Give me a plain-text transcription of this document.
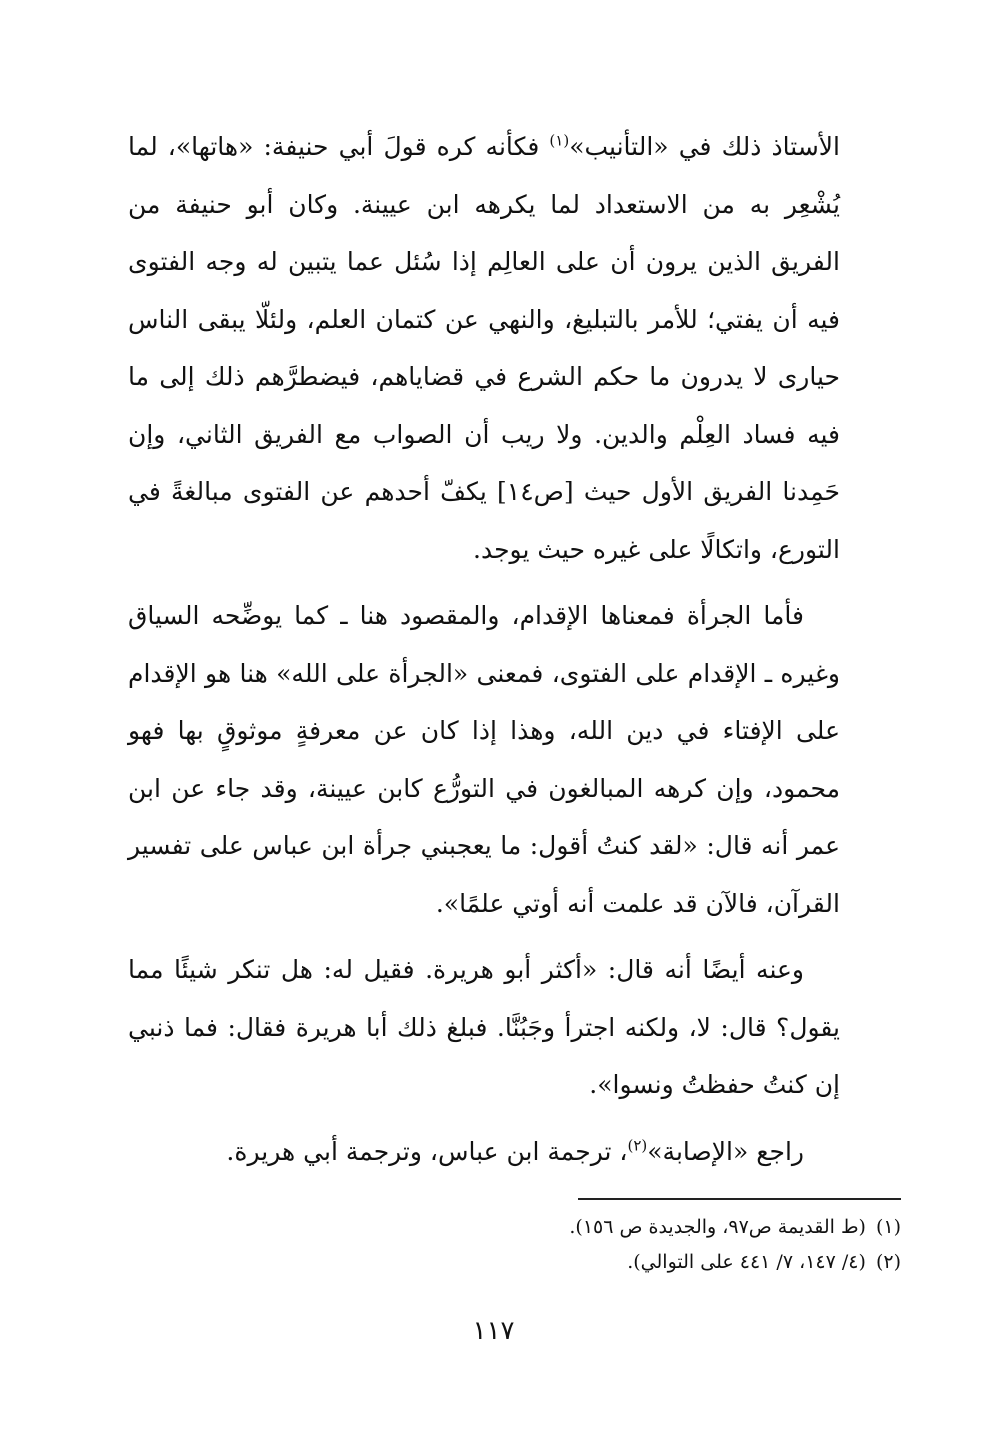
الأستاذ ذلك في «التأنيب»$^{(١)}$ فكأنه كره قولَ أبي حنيفة: «هاتها»، لما يُشْعِر به من الاستعداد لما يكرهه ابن عيينة. وكان أبو حنيفة من الفريق الذين يرون أن على العالِم إذا سُئل عما يتبين له وجه الفتوى فيه أن يفتي؛ للأمر بالتبليغ، والنهي عن كتمان العلم، ولئلّا يبقى الناس حيارى لا يدرون ما حكم الشرع في قضاياهم، فيضطرَّهم ذلك إلى ما فيه فساد العِلْم والدين. ولا ريب أن الصواب مع الفريق الثاني، وإن حَمِدنا الفريق الأول حيث [ص١٤] يكفّ أحدهم عن الفتوى مبالغةً في التورع، واتكالًا على غيره حيث يوجد.

فأما الجرأة فمعناها الإقدام، والمقصود هنا ـ كما يوضِّحه السياق وغيره ـ الإقدام على الفتوى، فمعنى «الجرأة على الله» هنا هو الإقدام على الإفتاء في دين الله، وهذا إذا كان عن معرفةٍ موثوقٍ بها فهو محمود، وإن كرهه المبالغون في التورُّع كابن عيينة، وقد جاء عن ابن عمر أنه قال: «لقد كنتُ أقول: ما يعجبني جرأة ابن عباس على تفسير القرآن، فالآن قد علمت أنه أوتي علمًا».

وعنه أيضًا أنه قال: «أكثر أبو هريرة. فقيل له: هل تنكر شيئًا مما يقول؟ قال: لا، ولكنه اجترأ وجَبُنَّا. فبلغ ذلك أبا هريرة فقال: فما ذنبي إن كنتُ حفظتُ ونسوا».

راجع «الإصابة»$^{(٢)}$، ترجمة ابن عباس، وترجمة أبي هريرة.

(١)(ط القديمة ص٩٧، والجديدة ص ١٥٦).
(٢)(٤/ ١٤٧، ٧/ ٤٤١ على التوالي).
١١٧
